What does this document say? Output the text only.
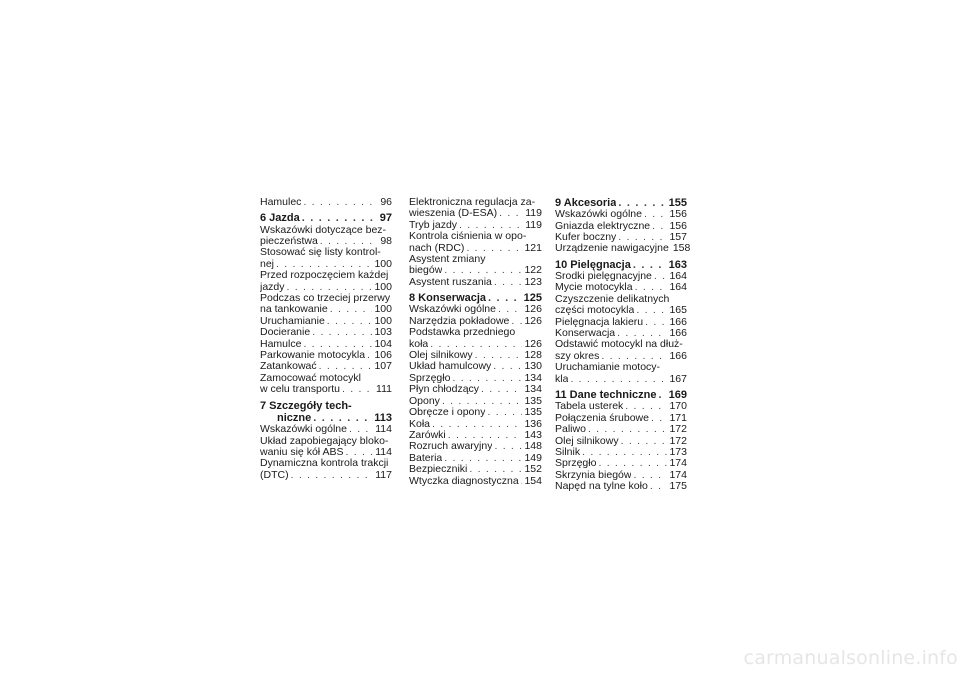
Hamulec . . .	96
6 Jazda . . .	97
Wskazówki dotyczące bez-
pieczeństwa . . .	98
Stosować się listy kontrol-
nej . . .	100
Przed rozpoczęciem każdej
jazdy . . .	100
Podczas co trzeciej przerwy
na tankowanie . . .	100
Uruchamianie . . .	100
Docieranie . . .	103
Hamulce . . .	104
Parkowanie motocykla . . . 106
Zatankować . . .	107
Zamocować motocykl
w celu transportu . . .	111
7 Szczegóły tech-
niczne . . .	113
Wskazówki ogólne . . .	114
Układ zapobiegający bloko-
waniu się kół ABS . . .	114
Dynamiczna kontrola trakcji
(DTC) . . .	117
Elektroniczna regulacja za-
wieszenia (D-ESA) . . .	119
Tryb jazdy . . .	119
Kontrola ciśnienia w opo-
nach (RDC) . . .	121
Asystent zmiany
biegów . . .	122
Asystent ruszania . . .	123
8 Konserwacja . . .	125
Wskazówki ogólne . . .	126
Narzędzia pokładowe . . . 126
Podstawka przedniego
koła . . .	126
Olej silnikowy . . .	128
Układ hamulcowy . . .	130
Sprzęgło . . .	134
Płyn chłodzący . . .	134
Opony . . .	135
Obręcze i opony . . .	135
Koła . . .	136
Żarówki . . .	143
Rozruch awaryjny . . .	148
Bateria . . .	149
Bezpieczniki . . .	152
Wtyczka diagnostyczna . . . 154
9 Akcesoria . . .	155
Wskazówki ogólne . . .	156
Gniazda elektryczne . . . 156
Kufer boczny . . .	157
Urządzenie nawigacyjne 158
10 Pielęgnacja . . .	163
Środki pielęgnacyjne . . . 164
Mycie motocykla . . .	164
Czyszczenie delikatnych
części motocykla . . .	165
Pielęgnacja lakieru . . .	166
Konserwacja . . .	166
Odstawić motocykl na dłuż-
szy okres . . .	166
Uruchamianie motocy-
kla . . .	167
11 Dane techniczne . . . 169
Tabela usterek . . .	170
Połączenia śrubowe . . . 171
Paliwo . . .	172
Olej silnikowy . . .	172
Silnik . . .	173
Sprzęgło . . .	174
Skrzynia biegów . . .	174
Napęd na tylne koło . . . 175
carmanualsonline.info
